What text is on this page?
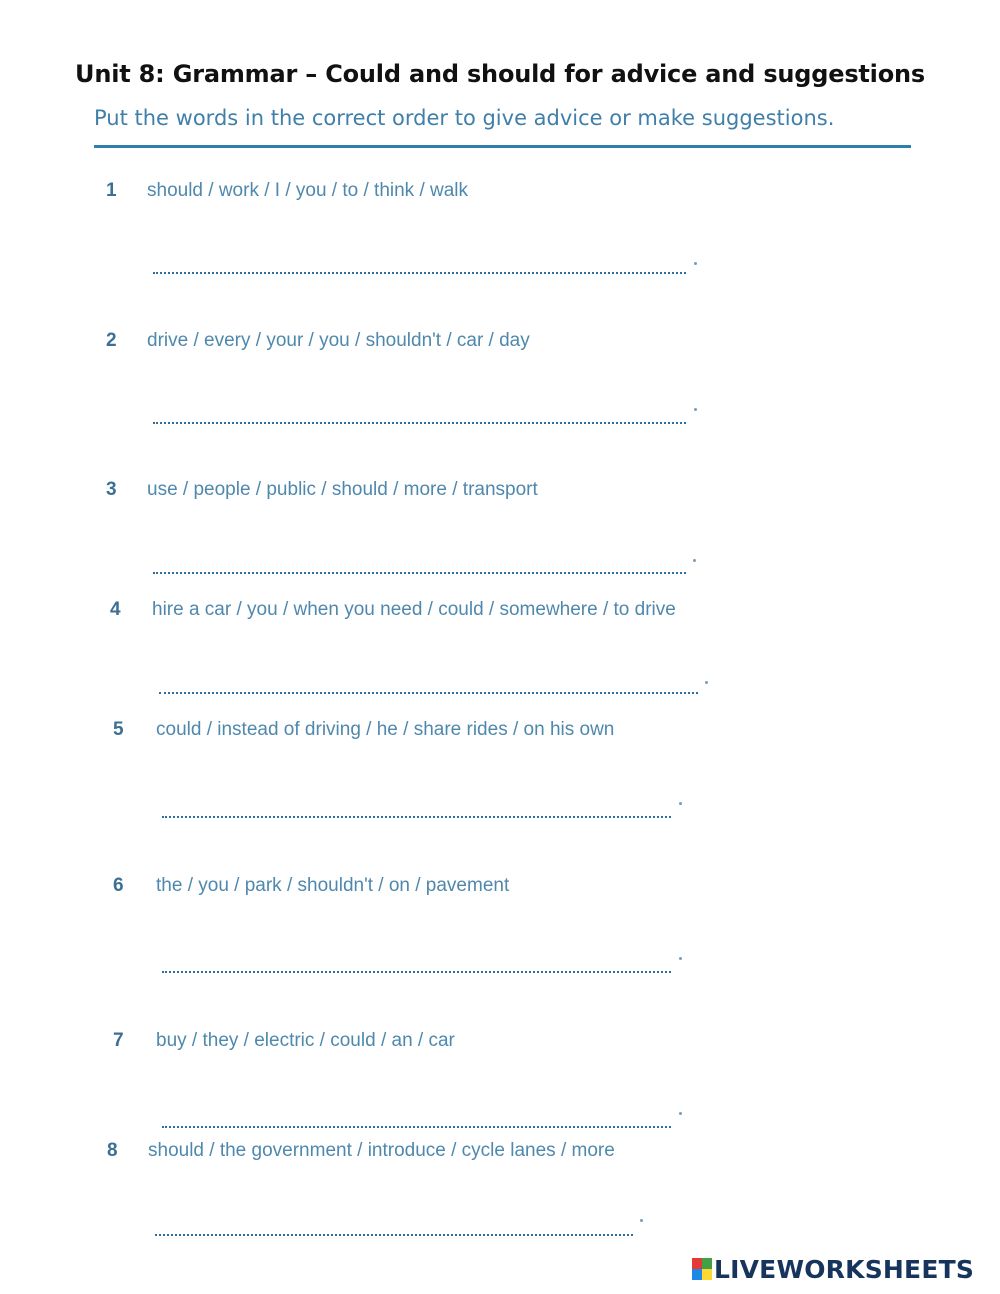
Unit 8: Grammar – Could and should for advice and suggestions
Put the words in the correct order to give advice or make suggestions.
1 should / work / I / you / to / think / walk
2 drive / every / your / you / shouldn't / car / day
3 use / people / public / should / more / transport
4 hire a car / you / when you need / could / somewhere / to drive
5 could / instead of driving / he / share rides / on his own
6 the / you / park / shouldn't / on / pavement
7 buy / they / electric / could / an / car
8 should / the government / introduce / cycle lanes / more
LIVEWORKSHEETS
